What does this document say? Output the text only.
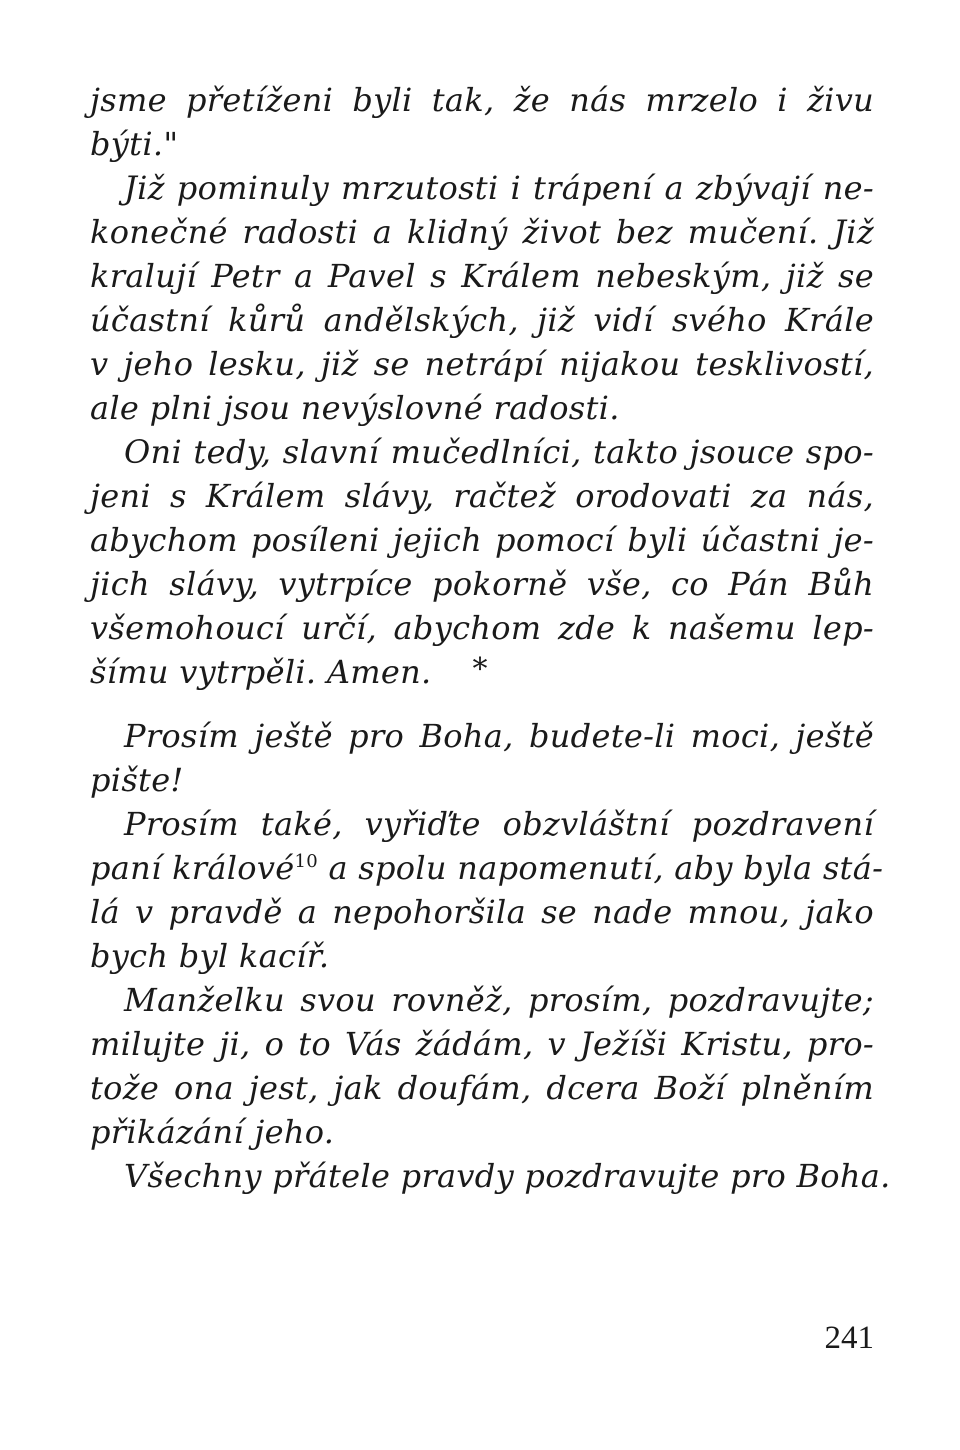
jsme přetíženi byli tak, že nás mrzelo i živu
býti."
Již pominuly mrzutosti i trápení a zbývají ne-
konečné radosti a klidný život bez mučení. Již
kralují Petr a Pavel s Králem nebeským, již se
účastní kůrů andělských, již vidí svého Krále
v jeho lesku, již se netrápí nijakou tesklivostí,
ale plni jsou nevýslovné radosti.
Oni tedy, slavní mučedlníci, takto jsouce spo-
jeni s Králem slávy, račtež orodovati za nás,
abychom posíleni jejich pomocí byli účastni je-
jich slávy, vytrpíce pokorně vše, co Pán Bůh
všemohoucí určí, abychom zde k našemu lep-
šímu vytrpěli. Amen.	*
Prosím ještě pro Boha, budete-li moci, ještě
pište!
Prosím také, vyřiďte obzvláštní pozdravení
paní králové$^{10}$ a spolu napomenutí, aby byla stá-
lá v pravdě a nepohoršila se nade mnou, jako
bych byl kacíř.
Manželku svou rovněž, prosím, pozdravujte;
milujte ji, o to Vás žádám, v Ježíši Kristu, pro-
tože ona jest, jak doufám, dcera Boží plněním
přikázání jeho.
Všechny přátele pravdy pozdravujte pro Boha.
241
